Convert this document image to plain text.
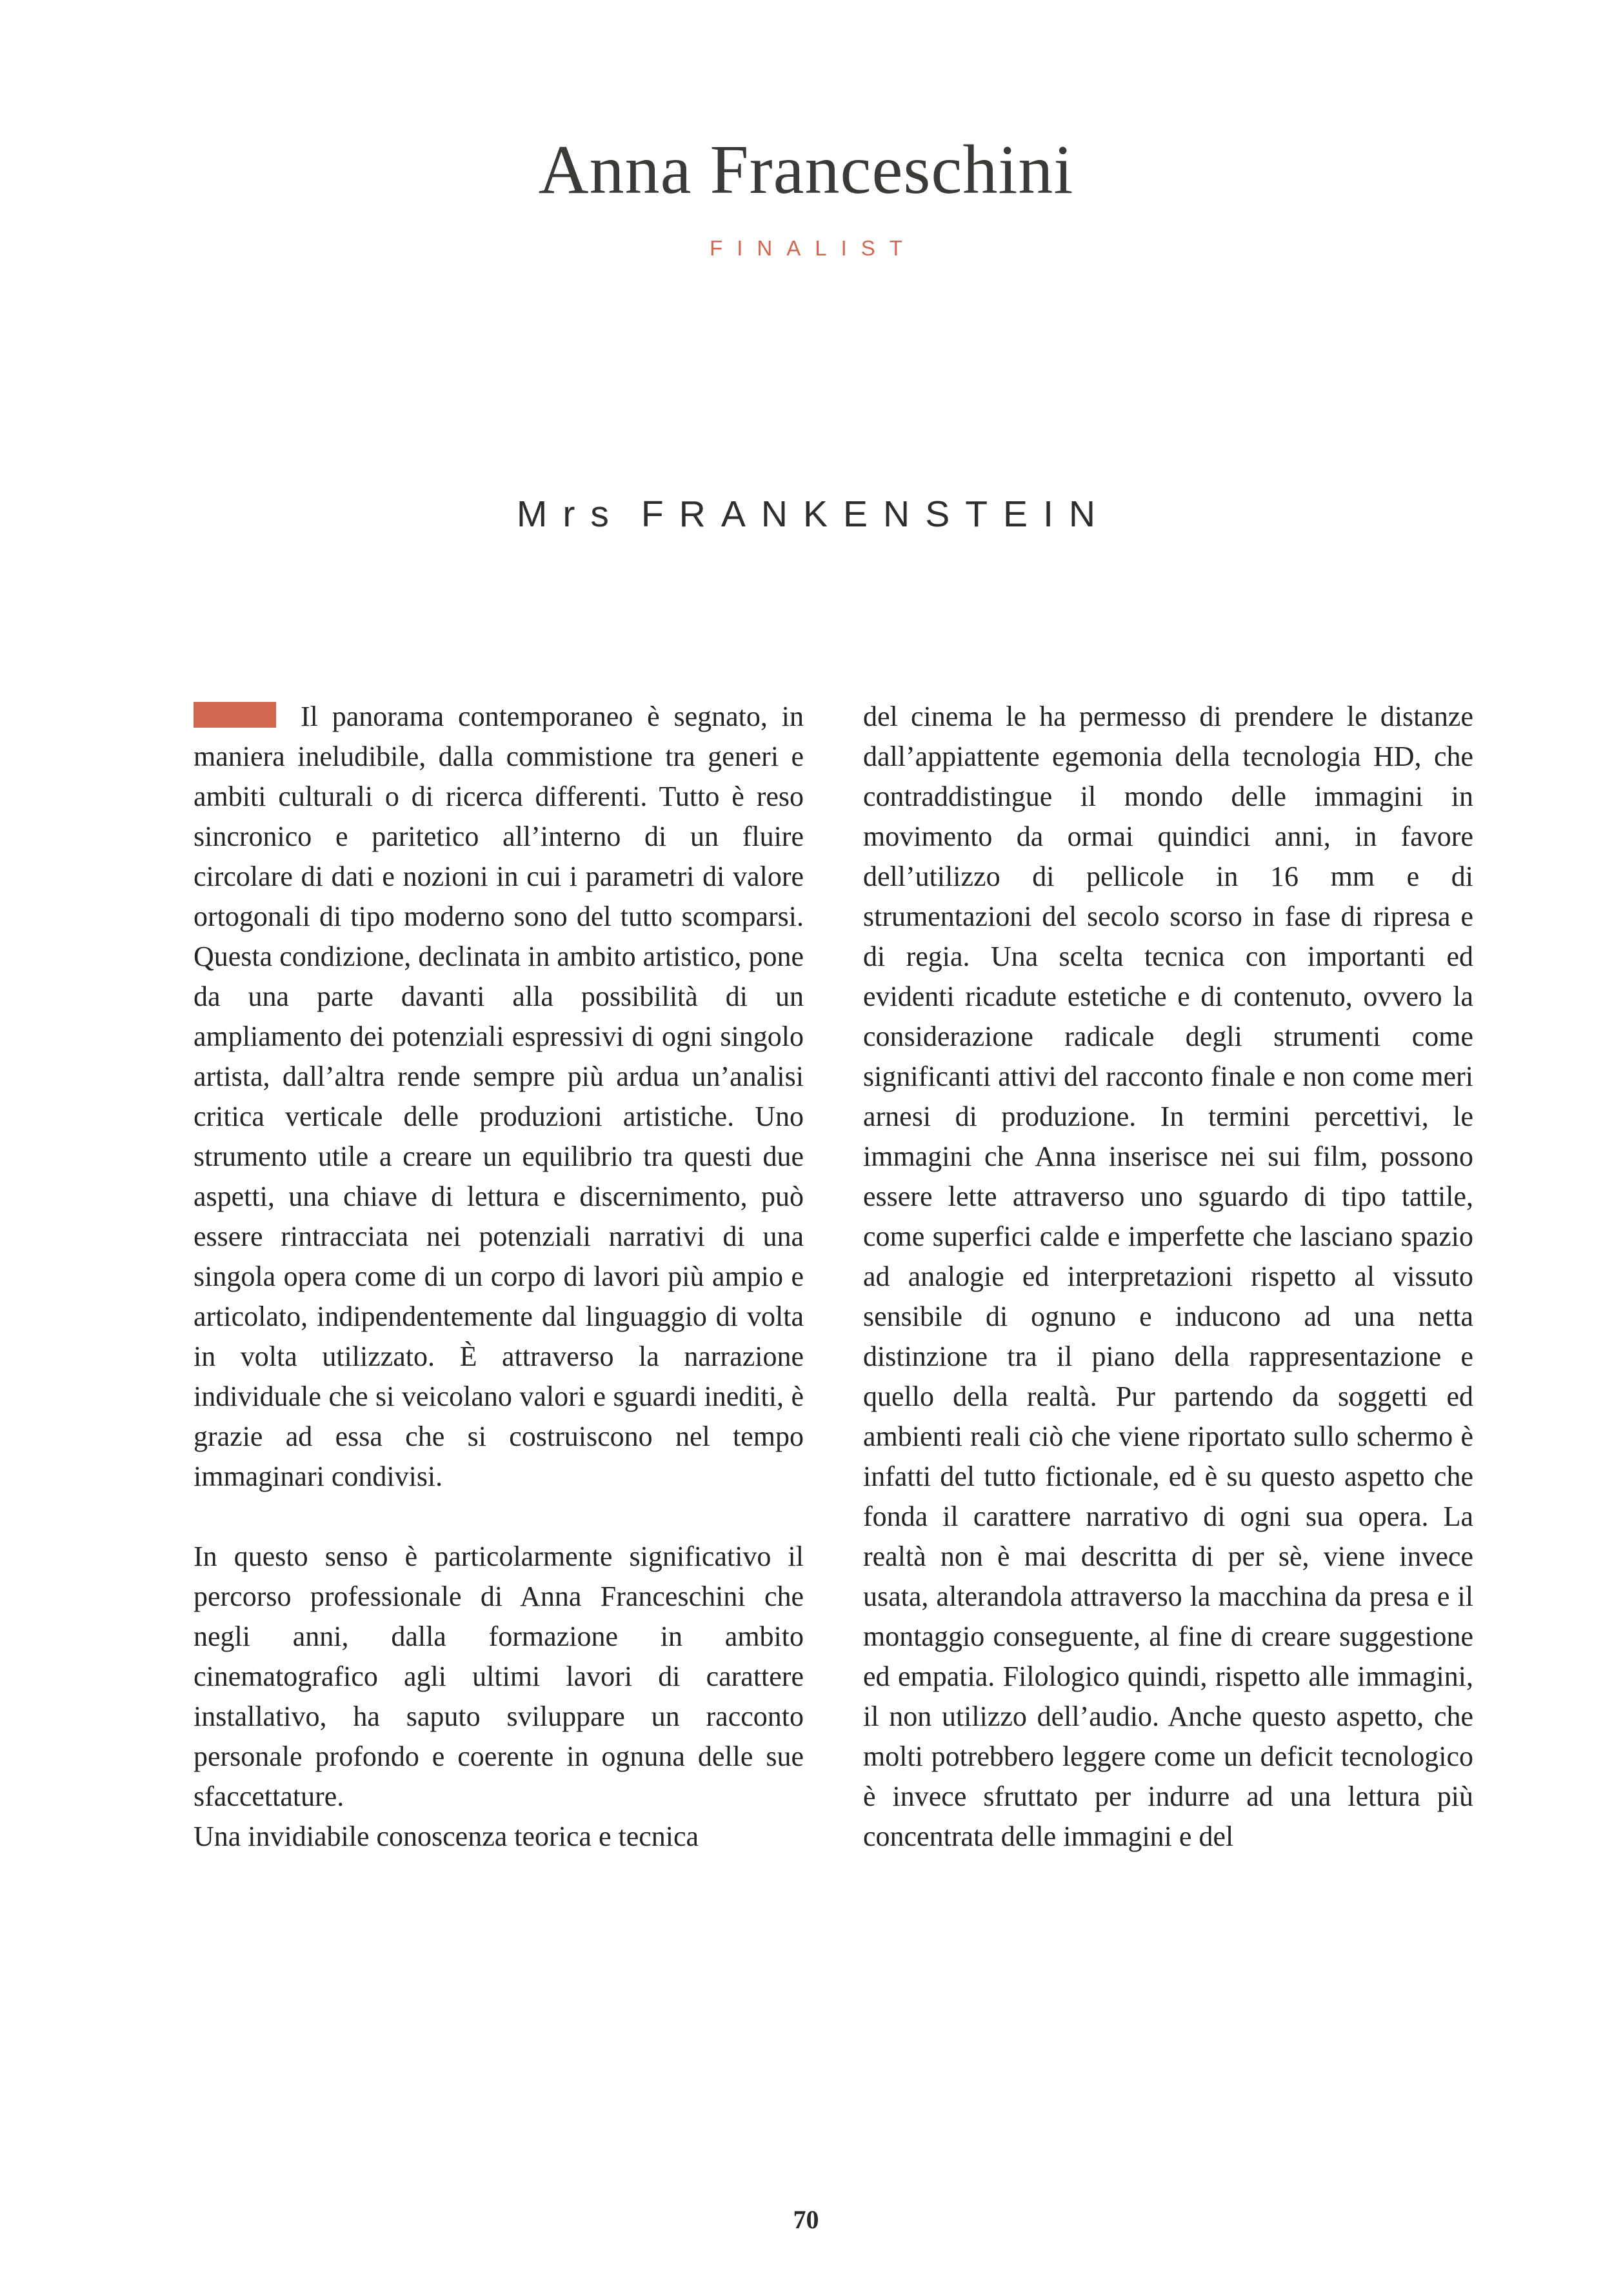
Anna Franceschini
FINALIST
Mrs FRANKENSTEIN

Il panorama contemporaneo è segnato, in maniera ineludibile, dalla commistione tra generi e ambiti culturali o di ricerca differenti. Tutto è reso sincronico e paritetico all’interno di un fluire circolare di dati e nozioni in cui i parametri di valore ortogonali di tipo moderno sono del tutto scomparsi. Questa condizione, declinata in ambito artistico, pone da una parte davanti alla possibilità di un ampliamento dei potenziali espressivi di ogni singolo artista, dall’altra rende sempre più ardua un’analisi critica verticale delle produzioni artistiche. Uno strumento utile a creare un equilibrio tra questi due aspetti, una chiave di lettura e discernimento, può essere rintracciata nei potenziali narrativi di una singola opera come di un corpo di lavori più ampio e articolato, indipendentemente dal linguaggio di volta in volta utilizzato. È attraverso la narrazione individuale che si veicolano valori e sguardi inediti, è grazie ad essa che si costruiscono nel tempo immaginari condivisi.

In questo senso è particolarmente significativo il percorso professionale di Anna Franceschini che negli anni, dalla formazione in ambito cinematografico agli ultimi lavori di carattere installativo, ha saputo sviluppare un racconto personale profondo e coerente in ognuna delle sue sfaccettature.

Una invidiabile conoscenza teorica e tecnica

del cinema le ha permesso di prendere le distanze dall’appiattente egemonia della tecnologia HD, che contraddistingue il mondo delle immagini in movimento da ormai quindici anni, in favore dell’utilizzo di pellicole in 16 mm e di strumentazioni del secolo scorso in fase di ripresa e di regia. Una scelta tecnica con importanti ed evidenti ricadute estetiche e di contenuto, ovvero la considerazione radicale degli strumenti come significanti attivi del racconto finale e non come meri arnesi di produzione. In termini percettivi, le immagini che Anna inserisce nei sui film, possono essere lette attraverso uno sguardo di tipo tattile, come superfici calde e imperfette che lasciano spazio ad analogie ed interpretazioni rispetto al vissuto sensibile di ognuno e inducono ad una netta distinzione tra il piano della rappresentazione e quello della realtà. Pur partendo da soggetti ed ambienti reali ciò che viene riportato sullo schermo è infatti del tutto fictionale, ed è su questo aspetto che fonda il carattere narrativo di ogni sua opera. La realtà non è mai descritta di per sè, viene invece usata, alterandola attraverso la macchina da presa e il montaggio conseguente, al fine di creare suggestione ed empatia. Filologico quindi, rispetto alle immagini, il non utilizzo dell’audio. Anche questo aspetto, che molti potrebbero leggere come un deficit tecnologico è invece sfruttato per indurre ad una lettura più concentrata delle immagini e del

70
